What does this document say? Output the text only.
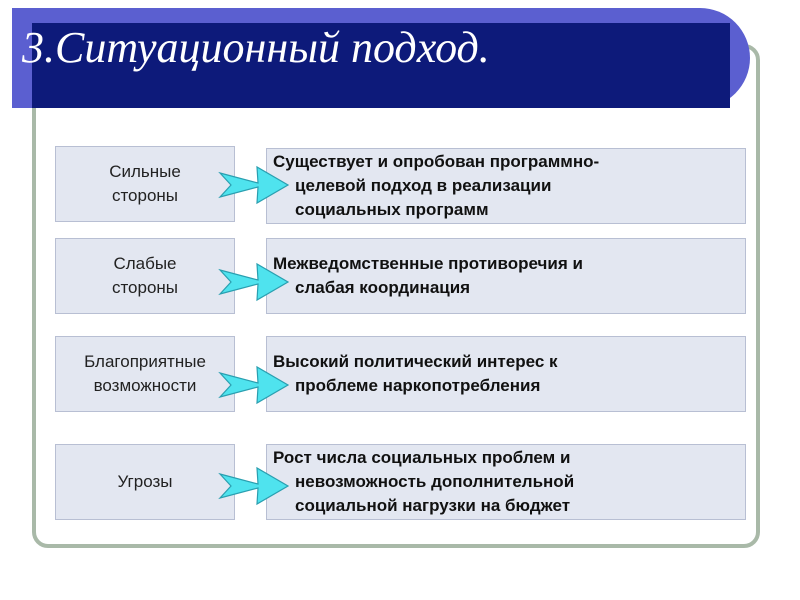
3.Ситуационный подход.
Сильные
стороны
Существует и опробован программно-
целевой подход в реализации
социальных программ
Слабые
стороны
Межведомственные противоречия и
слабая координация
Благоприятные
возможности
Высокий политический интерес к
проблеме наркопотребления
Угрозы
Рост числа социальных проблем и
невозможность дополнительной
социальной нагрузки на бюджет
